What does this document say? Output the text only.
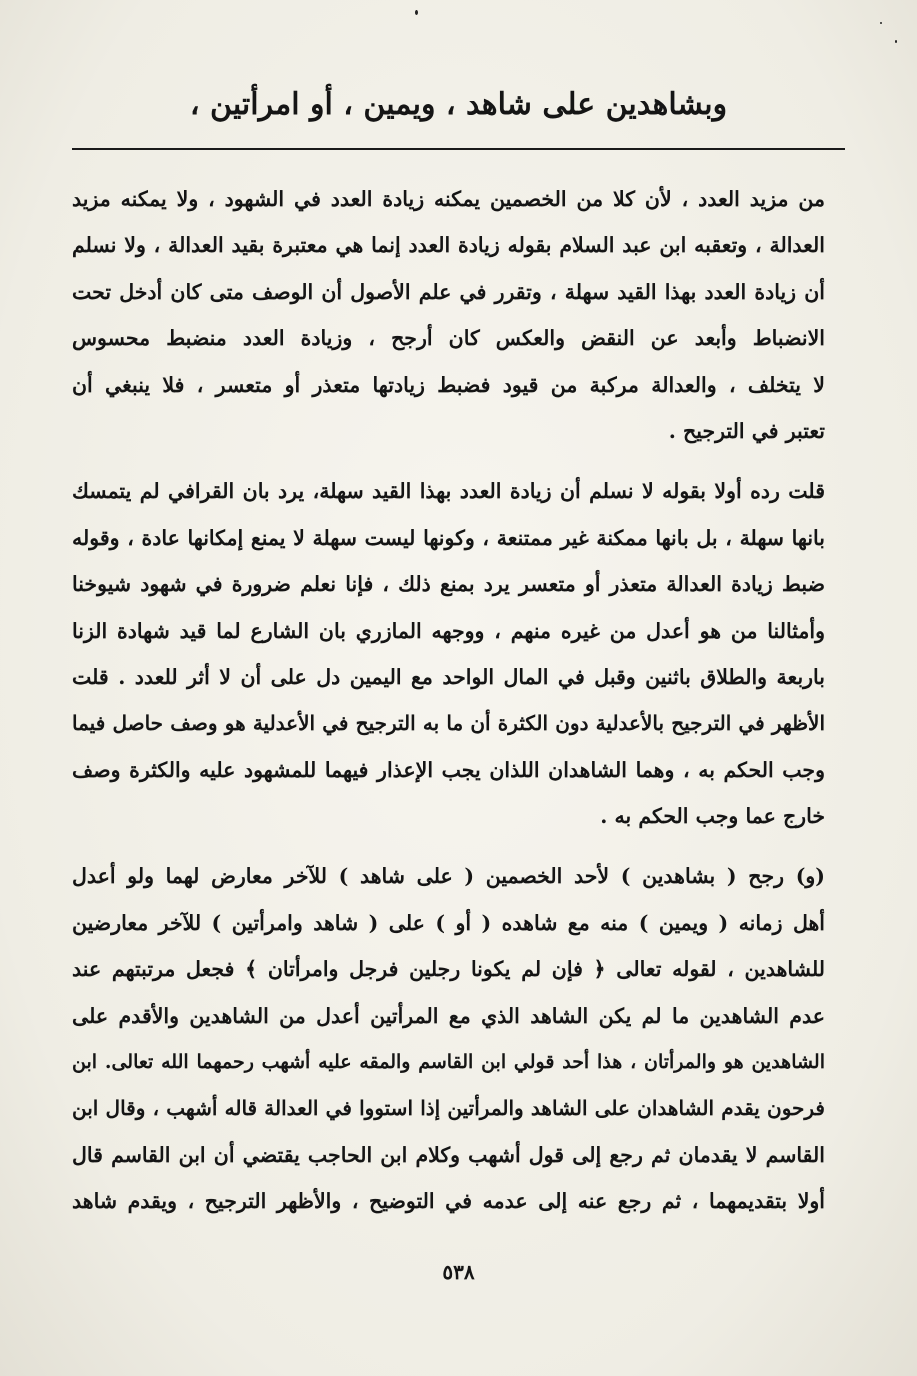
وبشاهدين على شاهد ، ويمين ، أو امرأتين ،
من مزيد العدد ، لأن كلا من الخصمين يمكنه زيادة العدد في الشهود ، ولا يمكنه مزيد
العدالة ، وتعقبه ابن عبد السلام بقوله زيادة العدد إنما هي معتبرة بقيد العدالة ، ولا نسلم
أن زيادة العدد بهذا القيد سهلة ، وتقرر في علم الأصول أن الوصف متى كان أدخل تحت
الانضباط وأبعد عن النقض والعكس كان أرجح ، وزيادة العدد منضبط محسوس
لا يتخلف ، والعدالة مركبة من قيود فضبط زيادتها متعذر أو متعسر ، فلا ينبغي أن
تعتبر في الترجيح .
قلت رده أولا بقوله لا نسلم أن زيادة العدد بهذا القيد سهلة، يرد بان القرافي لم يتمسك
بانها سهلة ، بل بانها ممكنة غير ممتنعة ، وكونها ليست سهلة لا يمنع إمكانها عادة ، وقوله
ضبط زيادة العدالة متعذر أو متعسر يرد بمنع ذلك ، فإنا نعلم ضرورة في شهود شيوخنا
وأمثالنا من هو أعدل من غيره منهم ، ووجهه المازري بان الشارع لما قيد شهادة الزنا
باربعة والطلاق باثنين وقبل في المال الواحد مع اليمين دل على أن لا أثر للعدد . قلت
الأظهر في الترجيح بالأعدلية دون الكثرة أن ما به الترجيح في الأعدلية هو وصف حاصل فيما
وجب الحكم به ، وهما الشاهدان اللذان يجب الإعذار فيهما للمشهود عليه والكثرة وصف
خارج عما وجب الحكم به .
(و) رجح ( بشاهدين ) لأحد الخصمين ( على شاهد ) للآخر معارض لهما ولو أعدل
أهل زمانه ( ويمين ) منه مع شاهده ( أو ) على ( شاهد وامرأتين ) للآخر معارضين
للشاهدين ، لقوله تعالى ﴿ فإن لم يكونا رجلين فرجل وامرأتان ﴾ فجعل مرتبتهم عند
عدم الشاهدين ما لم يكن الشاهد الذي مع المرأتين أعدل من الشاهدين والأقدم على
الشاهدين هو والمرأتان ، هذا أحد قولي ابن القاسم والمقه عليه أشهب رحمهما الله تعالى. ابن
فرحون يقدم الشاهدان على الشاهد والمرأتين إذا استووا في العدالة قاله أشهب ، وقال ابن
القاسم لا يقدمان ثم رجع إلى قول أشهب وكلام ابن الحاجب يقتضي أن ابن القاسم قال
أولا بتقديمهما ، ثم رجع عنه إلى عدمه في التوضيح ، والأظهر الترجيح ، ويقدم شاهد
٥٣٨
